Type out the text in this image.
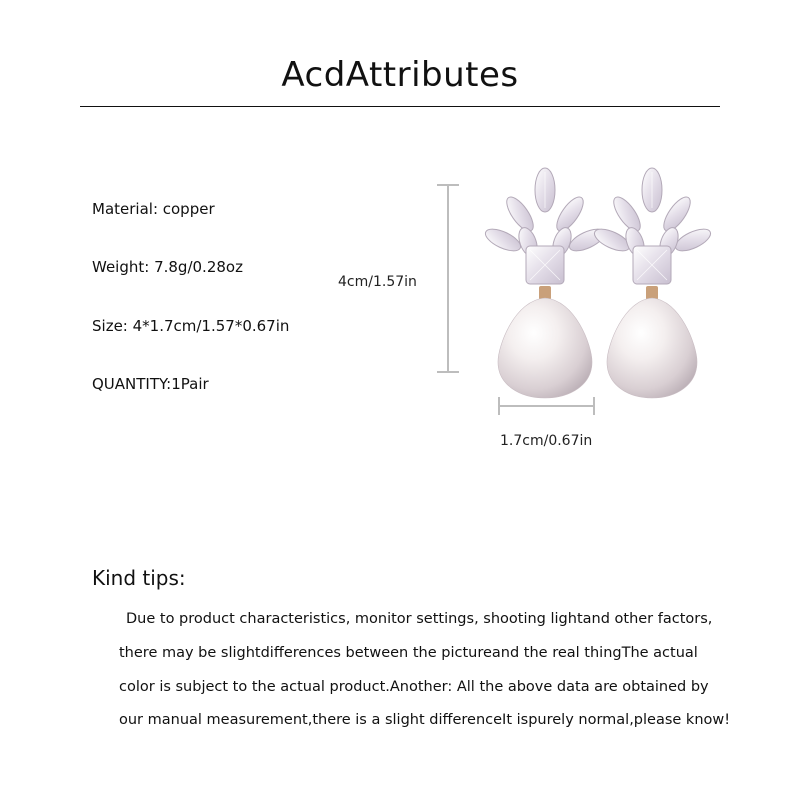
AcdAttributes
Material: copper
Weight: 7.8g/0.28oz
Size: 4*1.7cm/1.57*0.67in
QUANTITY:1Pair
4cm/1.57in
1.7cm/0.67in
Kind tips:
Due to product characteristics, monitor settings, shooting lightand other factors,
there may be slightdifferences between the pictureand the real thingThe actual
color is subject to the actual product.Another: All the above data are obtained by
our manual measurement,there is a slight differenceIt ispurely normal,please know!
